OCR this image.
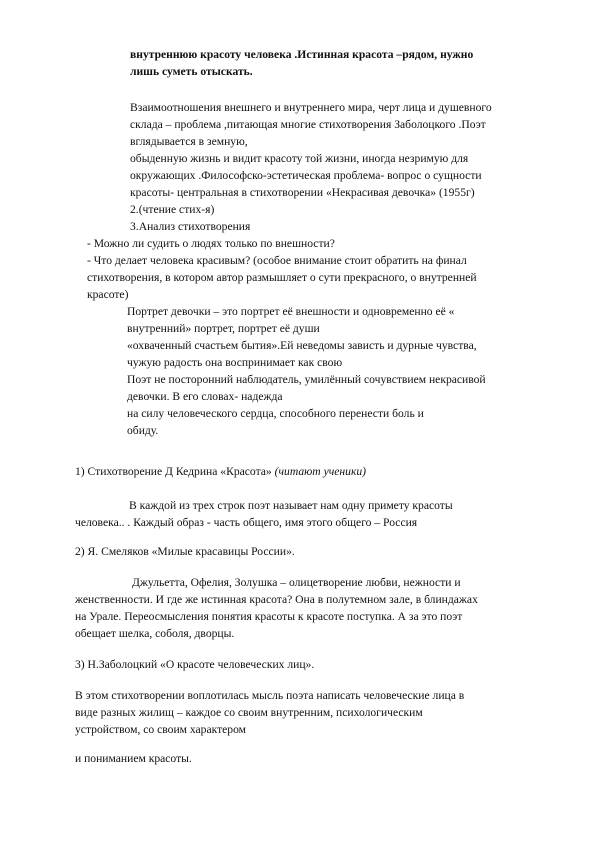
внутреннюю красоту человека .Истинная красота –рядом, нужно
лишь суметь отыскать.
Взаимоотношения внешнего и внутреннего мира, черт лица и душевного
склада – проблема ,питающая многие стихотворения Заболоцкого .Поэт
вглядывается в земную,
обыденную жизнь и видит красоту той жизни, иногда незримую для
окружающих .Философско-эстетическая проблема- вопрос о сущности
красоты- центральная в стихотворении «Некрасивая девочка» (1955г)
2.(чтение стих-я)
3.Анализ стихотворения
- Можно ли судить о людях только по внешности?
- Что делает человека красивым? (особое внимание стоит обратить на финал
стихотворения, в котором автор размышляет о сути прекрасного, о внутренней
красоте)
Портрет девочки – это портрет её внешности и одновременно её «
внутренний» портрет, портрет её души
«охваченный счастьем бытия».Ей неведомы зависть и дурные чувства,
чужую радость она воспринимает как свою
Поэт не посторонний наблюдатель, умилённый сочувствием некрасивой
девочки. В его словах- надежда
на силу человеческого сердца, способного перенести боль и
обиду.
1) Стихотворение Д Кедрина «Красота» (читают ученики)
В каждой из трех строк поэт называет нам одну примету красоты
человека.. . Каждый образ - часть общего, имя этого общего – Россия
2) Я. Смеляков «Милые красавицы России».
Джульетта, Офелия, Золушка – олицетворение любви, нежности и
женственности. И где же истинная красота? Она в полутемном зале, в блиндажах
на Урале. Переосмысления понятия красоты к красоте поступка. А за это поэт
обещает шелка, соболя, дворцы.
3) Н.Заболоцкий «О красоте человеческих лиц».
В этом стихотворении воплотилась мысль поэта написать человеческие лица в
виде разных жилищ – каждое со своим внутренним, психологическим
устройством, со своим характером
и пониманием красоты.
